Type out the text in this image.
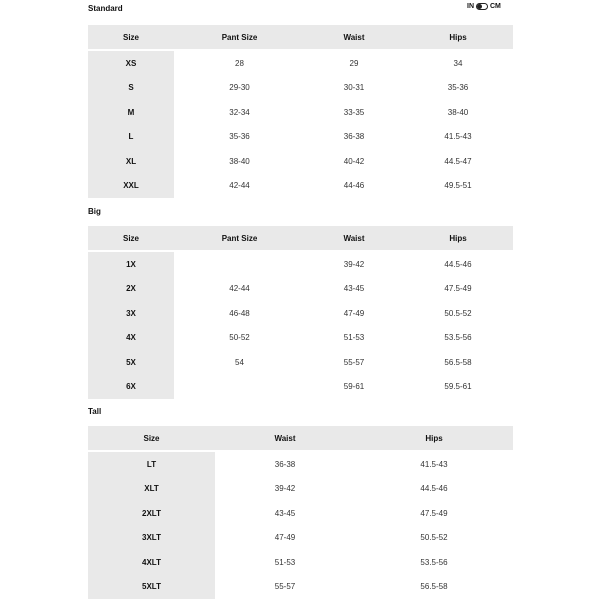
Standard	IN CM
Size	Pant Size	Waist	Hips
XS	28	29	34
S	29-30	30-31	35-36
M	32-34	33-35	38-40
L	35-36	36-38	41.5-43
XL	38-40	40-42	44.5-47
XXL	42-44	44-46	49.5-51
Big
Size	Pant Size	Waist	Hips
1X		39-42	44.5-46
2X	42-44	43-45	47.5-49
3X	46-48	47-49	50.5-52
4X	50-52	51-53	53.5-56
5X	54	55-57	56.5-58
6X		59-61	59.5-61
Tall
Size	Waist	Hips
LT	36-38	41.5-43
XLT	39-42	44.5-46
2XLT	43-45	47.5-49
3XLT	47-49	50.5-52
4XLT	51-53	53.5-56
5XLT	55-57	56.5-58
